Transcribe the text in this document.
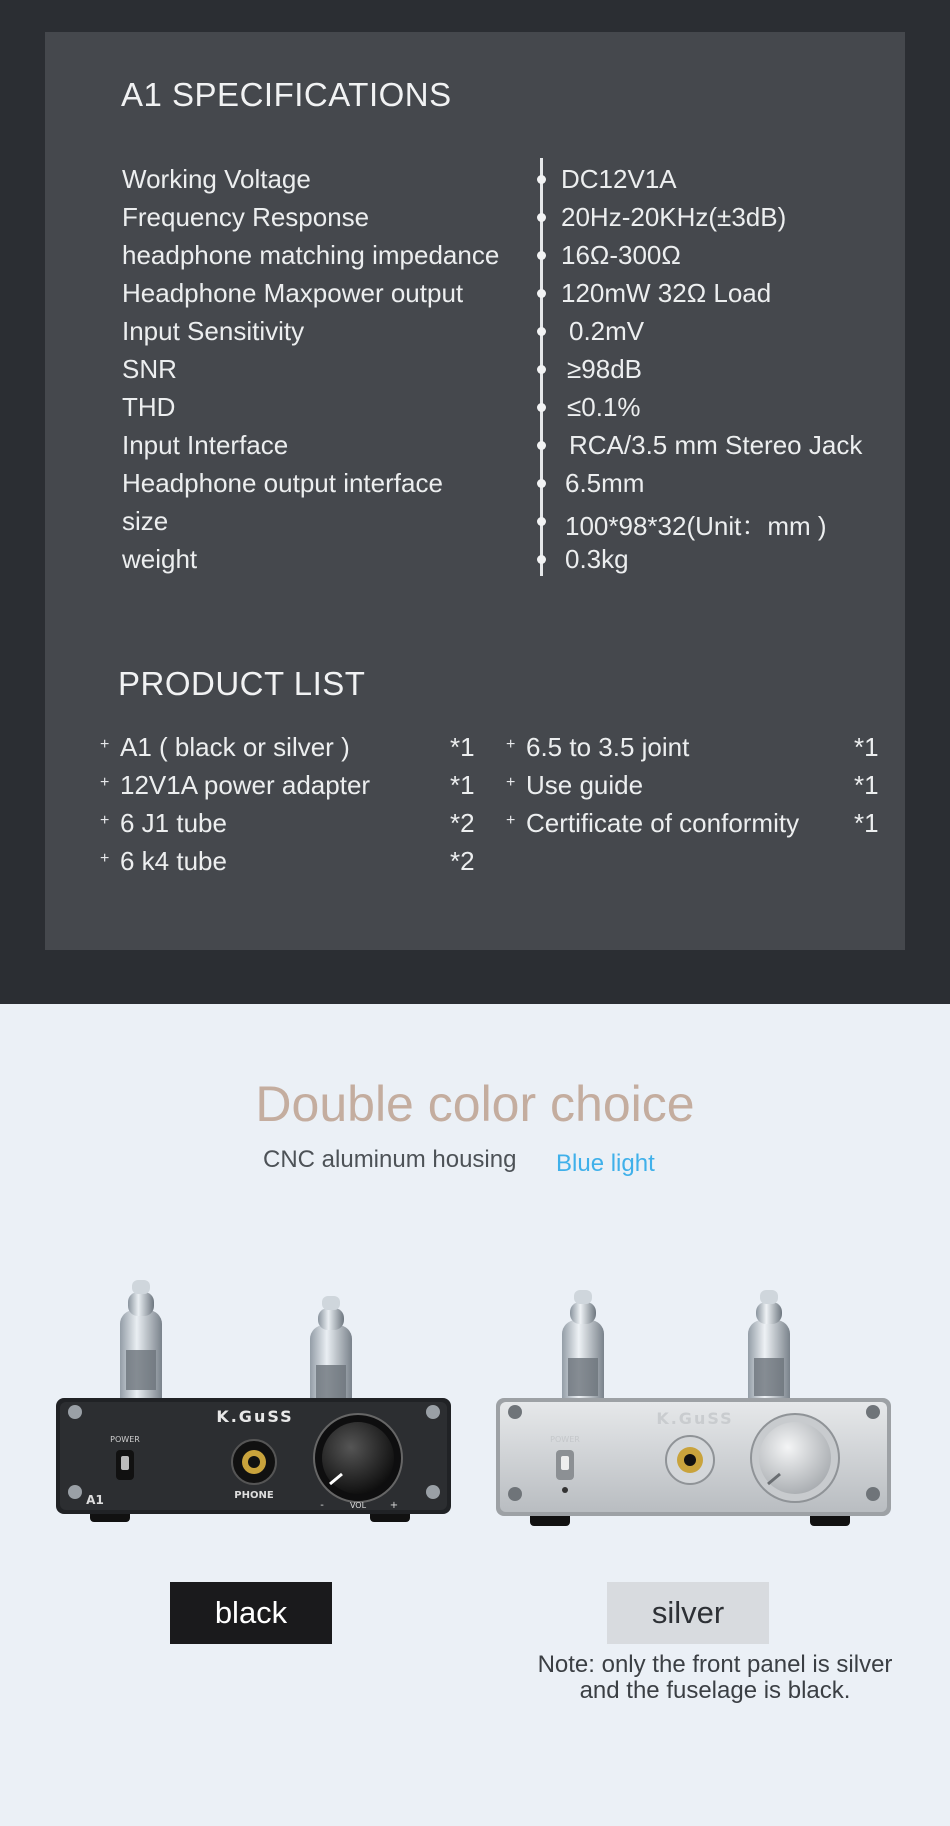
A1 SPECIFICATIONS
Working Voltage	DC12V1A
Frequency Response	20Hz-20KHz(±3dB)
headphone matching impedance 16Ω-300Ω
Headphone Maxpower output	120mW 32Ω Load
Input Sensitivity	0.2mV
SNR	≥98dB
THD	≤0.1%
Input Interface	RCA/3.5 mm Stereo Jack
Headphone output interface	6.5mm
size	100*98*32(Unit：mm )
weight	0.3kg
PRODUCT LIST
+ A1 ( black or silver )	*1
+ 12V1A power adapter	*1
+ 6 J1 tube	*2
+ 6 k4 tube	*2
+ 6.5 to 3.5 joint	*1
+ Use guide	*1
+ Certificate of conformity *1
Double color choice
CNC aluminum housing Blue light
K.GuSS
POWER
A1	PHONE
-	VOL +
K.GuSS
POWER
black	silver
Note: only the front panel is silver
and the fuselage is black.
